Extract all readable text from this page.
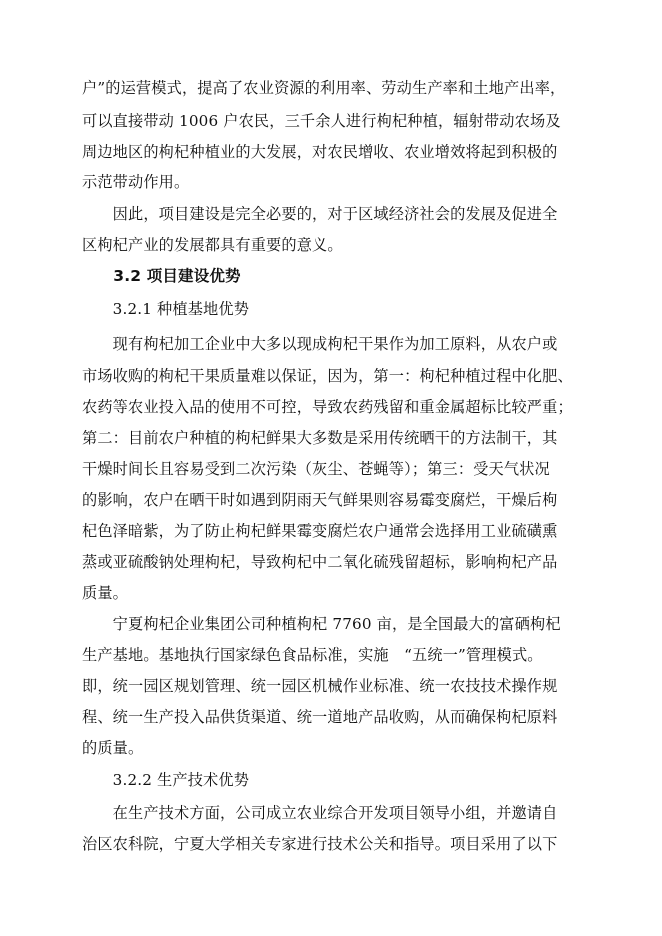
户”的运营模式，提高了农业资源的利用率、劳动生产率和土地产出率，
可以直接带动 1006 户农民，三千余人进行枸杞种植，辐射带动农场及
周边地区的枸杞种植业的大发展，对农民增收、农业增效将起到积极的
示范带动作用。
　　因此，项目建设是完全必要的，对于区域经济社会的发展及促进全
区枸杞产业的发展都具有重要的意义。
　　3.2 项目建设优势
　　3.2.1 种植基地优势
　　现有枸杞加工企业中大多以现成枸杞干果作为加工原料，从农户或
市场收购的枸杞干果质量难以保证，因为，第一：枸杞种植过程中化肥、
农药等农业投入品的使用不可控，导致农药残留和重金属超标比较严重；
第二：目前农户种植的枸杞鲜果大多数是采用传统晒干的方法制干，其
干燥时间长且容易受到二次污染（灰尘、苍蝇等）；第三：受天气状况
的影响，农户在晒干时如遇到阴雨天气鲜果则容易霉变腐烂，干燥后枸
杞色泽暗紫，为了防止枸杞鲜果霉变腐烂农户通常会选择用工业硫磺熏
蒸或亚硫酸钠处理枸杞，导致枸杞中二氧化硫残留超标，影响枸杞产品
质量。
　　宁夏枸杞企业集团公司种植枸杞 7760 亩，是全国最大的富硒枸杞
生产基地。基地执行国家绿色食品标准，实施　“五统一”管理模式。
即，统一园区规划管理、统一园区机械作业标准、统一农技技术操作规
程、统一生产投入品供货渠道、统一道地产品收购，从而确保枸杞原料
的质量。
　　3.2.2 生产技术优势
　　在生产技术方面，公司成立农业综合开发项目领导小组，并邀请自
治区农科院，宁夏大学相关专家进行技术公关和指导。项目采用了以下
